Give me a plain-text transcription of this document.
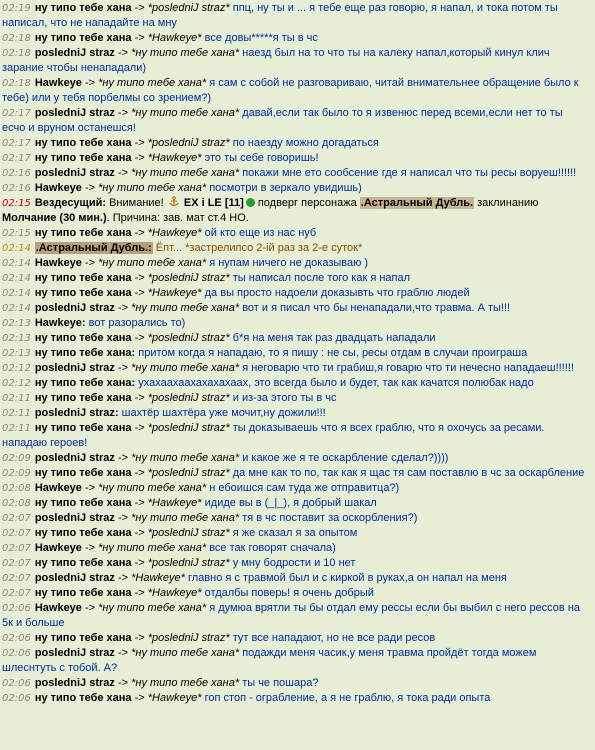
02:19 ну типо тебе хана -> *posledniJ straz* ппц, ну ты и ... я тебе еще раз говорю, я напал, и тока потом ты написал, что не нападайте на мну
02:18 ну типо тебе хана -> *Hawkeye* все довы*****я ты в чс
02:18 posledniJ straz -> *ну типо тебе хана* наезд был на то что ты на калеку напал,который кинул клич зарание чтобы ненападали)
02:18 Hawkeye -> *ну типо тебе хана* я сам с собой не разговариваю, читай внимательнее обращение было к тебе) или у тебя порбелмы со зрением?)
02:17 posledniJ straz -> *ну типо тебе хана* давай,если так было то я извенюс перед всеми,если нет то ты есчо и вруном останешся!
02:17 ну типо тебе хана -> *posledniJ straz* по наезду можно догадаться
02:17 ну типо тебе хана -> *Hawkeye* это ты себе говоришь!
02:16 posledniJ straz -> *ну типо тебе хана* покажи мне ето сообсение где я написал что ты ресы воруеш!!!!!!
02:16 Hawkeye -> *ну типо тебе хана* посмотри в зеркало увидишь)
02:15 Вездесущий: Внимание! EX i LE [11] подверг персонажа .Астральный Дубль. заклинанию Молчание (30 мин.). Причина: зав. мат ст.4 НО.
02:15 ну типо тебе хана -> *Hawkeye* ой кто еще из нас нуб
02:14 .Астральный Дубль.: Ёпт... *застрелипсо 2-ій раз за 2-е суток*
02:14 Hawkeye -> *ну типо тебе хана* я нупам ничего не доказываю )
02:14 ну типо тебе хана -> *posledniJ straz* ты написал после того как я напал
02:14 ну типо тебе хана -> *Hawkeye* да вы просто надоели доказывть что граблю людей
02:14 posledniJ straz -> *ну типо тебе хана* вот и я писал что бы ненападали,что травма. А ты!!!
02:13 Hawkeye: вот разорались то)
02:13 ну типо тебе хана -> *posledniJ straz* б*я на меня так раз двадцать нападали
02:13 ну типо тебе хана: притом когда я нападаю, то я пишу : не сы, ресы отдам в случаи проиграша
02:12 posledniJ straz -> *ну типо тебе хана* я неговарю что ти грабиш,я говарю что ти нечесно нападаеш!!!!!!
02:12 ну типо тебе хана: ухахаахаахахахахаах, это всегда было и будет, так как качатся полюбак надо
02:11 ну типо тебе хана -> *posledniJ straz* и из-за этого ты в чс
02:11 posledniJ straz: шахтёр шахтёра уже мочит,ну дожили!!!
02:11 ну типо тебе хана -> *posledniJ straz* ты доказываешь что я всех граблю, что я охочусь за ресами. нападаю героев!
02:09 posledniJ straz -> *ну типо тебе хана* и какое же я те оскарбление сделал?))))
02:09 ну типо тебе хана -> *posledniJ straz* да мне как то по, так как я щас тя сам поставлю в чс за оскарбление
02:08 Hawkeye -> *ну типо тебе хана* н ебоишся сам туда же отправитца?)
02:08 ну типо тебе хана -> *Hawkeye* идиде вы в (_|_), я добрый шакал
02:07 posledniJ straz -> *ну типо тебе хана* тя в чс поставит за оскорбления?)
02:07 ну типо тебе хана -> *posledniJ straz* я же сказал я за опытом
02:07 Hawkeye -> *ну типо тебе хана* все так говорят сначала)
02:07 ну типо тебе хана -> *posledniJ straz* у мну бодрости и 10 нет
02:07 posledniJ straz -> *Hawkeye* главно я с травмой был и с киркой в руках,а он напал на меня
02:07 ну типо тебе хана -> *Hawkeye* отдалбы поверь! я очень добрый
02:06 Hawkeye -> *ну типо тебе хана* я думюа врятли ты бы отдал ему рессы если бы выбил с него рессов на 5к и больше
02:06 ну типо тебе хана -> *posledniJ straz* тут все нападают, но не все ради ресов
02:06 posledniJ straz -> *ну типо тебе хана* подажди меня часик,у меня травма пройдёт тогда можем шлеснтуть с тобой. А?
02:06 posledniJ straz -> *ну типо тебе хана* ты че пошара?
02:06 ну типо тебе хана -> *Hawkeye* гоп стоп - ограбление, а я не граблю, я тока ради опыта
